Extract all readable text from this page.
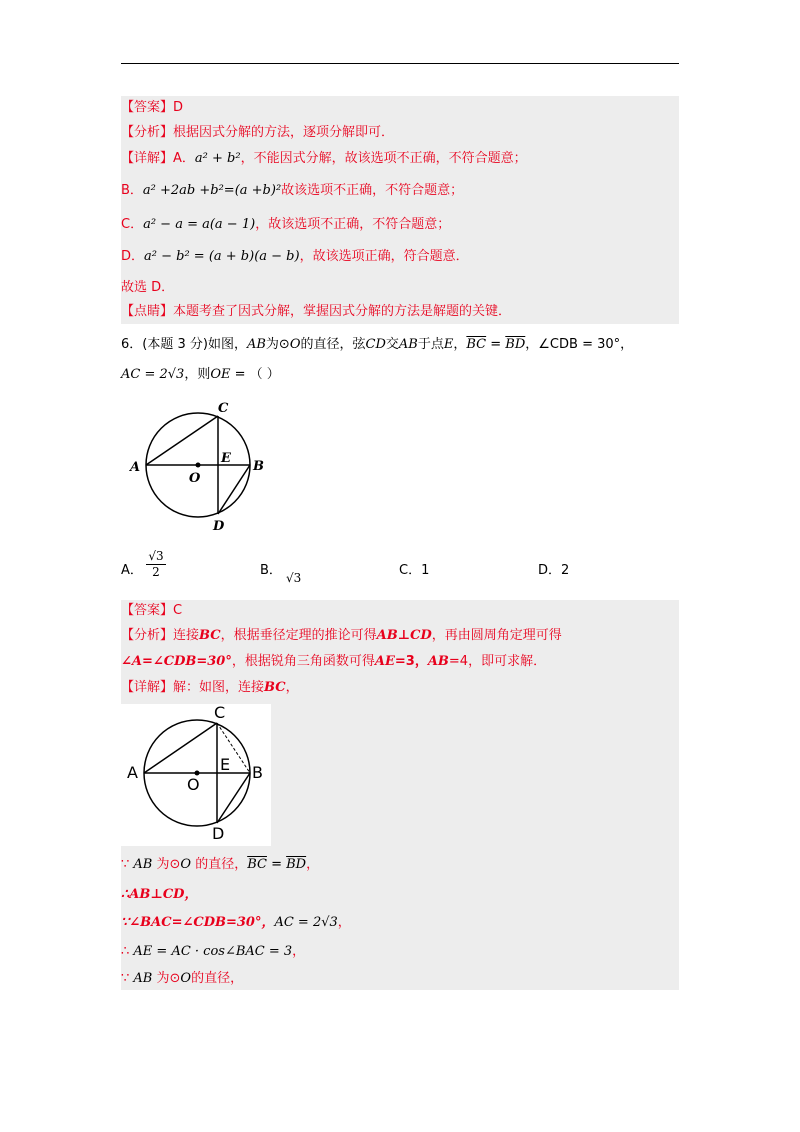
【答案】D
【分析】根据因式分解的方法，逐项分解即可．
【详解】A．a² + b²，不能因式分解，故该选项不正确，不符合题意；
B．a² +2ab +b²=(a +b)²故该选项不正确，不符合题意；
C．a² − a = a(a − 1)，故该选项不正确，不符合题意；
D．a² − b² = (a + b)(a − b)，故该选项正确，符合题意．
故选 D．
【点睛】本题考查了因式分解，掌握因式分解的方法是解题的关键．
6．(本题 3 分)如图，AB为⊙O的直径，弦CD交AB于点E，$\overline{BC} = \overline{BD}$，∠CDB = 30°，
AC = 2√3，则OE = （ ）
C
A	B
E
O
D
A．
√3
2	B． √3	C．1	D．2
【答案】C
【分析】连接BC，根据垂径定理的推论可得AB⊥CD，再由圆周角定理可得
∠A=∠CDB=30°，根据锐角三角函数可得AE=3，AB=4，即可求解．
【详解】解：如图，连接BC，
C
A	B
E
O
D
∵ AB 为⊙O 的直径，$\overline{BC} = \overline{BD}$，
∴AB⊥CD，
∵∠BAC=∠CDB=30°，AC = 2√3，
∴ AE = AC · cos∠BAC = 3，
∵ AB 为⊙O的直径，
